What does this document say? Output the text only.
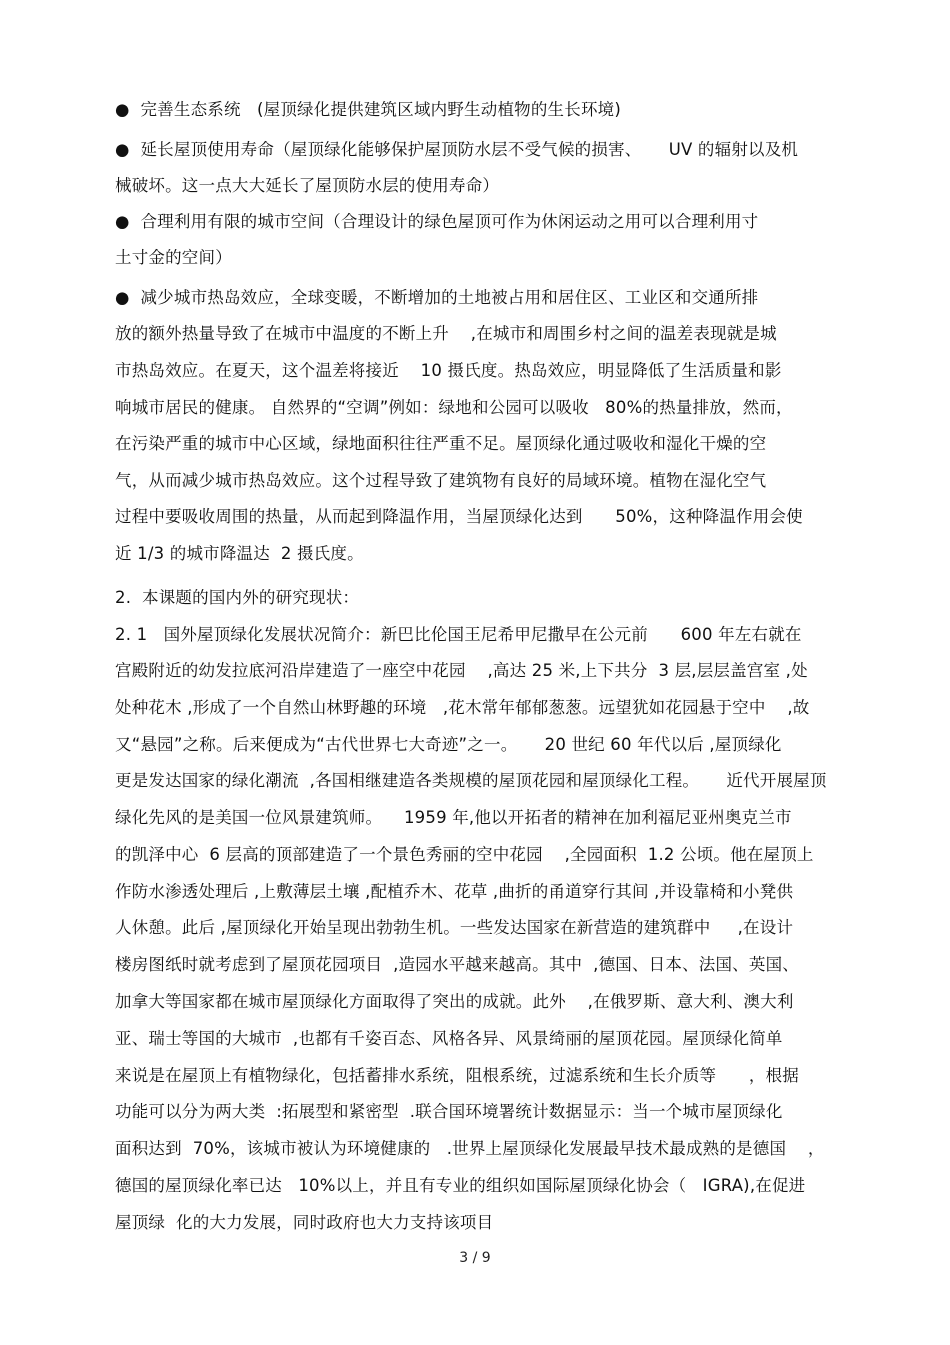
●  完善生态系统   (屋顶绿化提供建筑区域内野生动植物的生长环境)
●  延长屋顶使用寿命（屋顶绿化能够保护屋顶防水层不受气候的损害、     UV 的辐射以及机
械破坏。这一点大大延长了屋顶防水层的使用寿命）
●  合理利用有限的城市空间（合理设计的绿色屋顶可作为休闲运动之用可以合理利用寸
土寸金的空间）
●  减少城市热岛效应，全球变暖，不断增加的土地被占用和居住区、工业区和交通所排
放的额外热量导致了在城市中温度的不断上升    ,在城市和周围乡村之间的温差表现就是城
市热岛效应。在夏天，这个温差将接近    10 摄氏度。热岛效应，明显降低了生活质量和影
响城市居民的健康。 自然界的“空调”例如：绿地和公园可以吸收   80%的热量排放，然而，
在污染严重的城市中心区域，绿地面积往往严重不足。屋顶绿化通过吸收和湿化干燥的空
气，从而减少城市热岛效应。这个过程导致了建筑物有良好的局域环境。植物在湿化空气
过程中要吸收周围的热量，从而起到降温作用，当屋顶绿化达到      50%，这种降温作用会使
近 1/3 的城市降温达  2 摄氏度。
2.  本课题的国内外的研究现状：
2. 1   国外屋顶绿化发展状况简介：新巴比伦国王尼希甲尼撒早在公元前      600 年左右就在
宫殿附近的幼发拉底河沿岸建造了一座空中花园    ,高达 25 米,上下共分  3 层,层层盖宫室 ,处
处种花木 ,形成了一个自然山林野趣的环境   ,花木常年郁郁葱葱。远望犹如花园悬于空中    ,故
又“悬园”之称。后来便成为“古代世界七大奇迹”之一。     20 世纪 60 年代以后 ,屋顶绿化
更是发达国家的绿化潮流  ,各国相继建造各类规模的屋顶花园和屋顶绿化工程。     近代开展屋顶
绿化先风的是美国一位风景建筑师。    1959 年,他以开拓者的精神在加利福尼亚州奥克兰市
的凯泽中心  6 层高的顶部建造了一个景色秀丽的空中花园    ,全园面积  1.2 公顷。他在屋顶上
作防水渗透处理后 ,上敷薄层土壤 ,配植乔木、花草 ,曲折的甬道穿行其间 ,并设靠椅和小凳供
人休憩。此后 ,屋顶绿化开始呈现出勃勃生机。一些发达国家在新营造的建筑群中     ,在设计
楼房图纸时就考虑到了屋顶花园项目  ,造园水平越来越高。其中  ,德国、日本、法国、英国、
加拿大等国家都在城市屋顶绿化方面取得了突出的成就。此外    ,在俄罗斯、意大利、澳大利
亚、瑞士等国的大城市  ,也都有千姿百态、风格各异、风景绮丽的屋顶花园。屋顶绿化简单
来说是在屋顶上有植物绿化，包括蓄排水系统，阻根系统，过滤系统和生长介质等      ，根据
功能可以分为两大类  :拓展型和紧密型  .联合国环境署统计数据显示：当一个城市屋顶绿化
面积达到  70%，该城市被认为环境健康的   .世界上屋顶绿化发展最早技术最成熟的是德国    ，
德国的屋顶绿化率已达   10%以上，并且有专业的组织如国际屋顶绿化协会（   IGRA),在促进
屋顶绿  化的大力发展，同时政府也大力支持该项目
3 / 9
